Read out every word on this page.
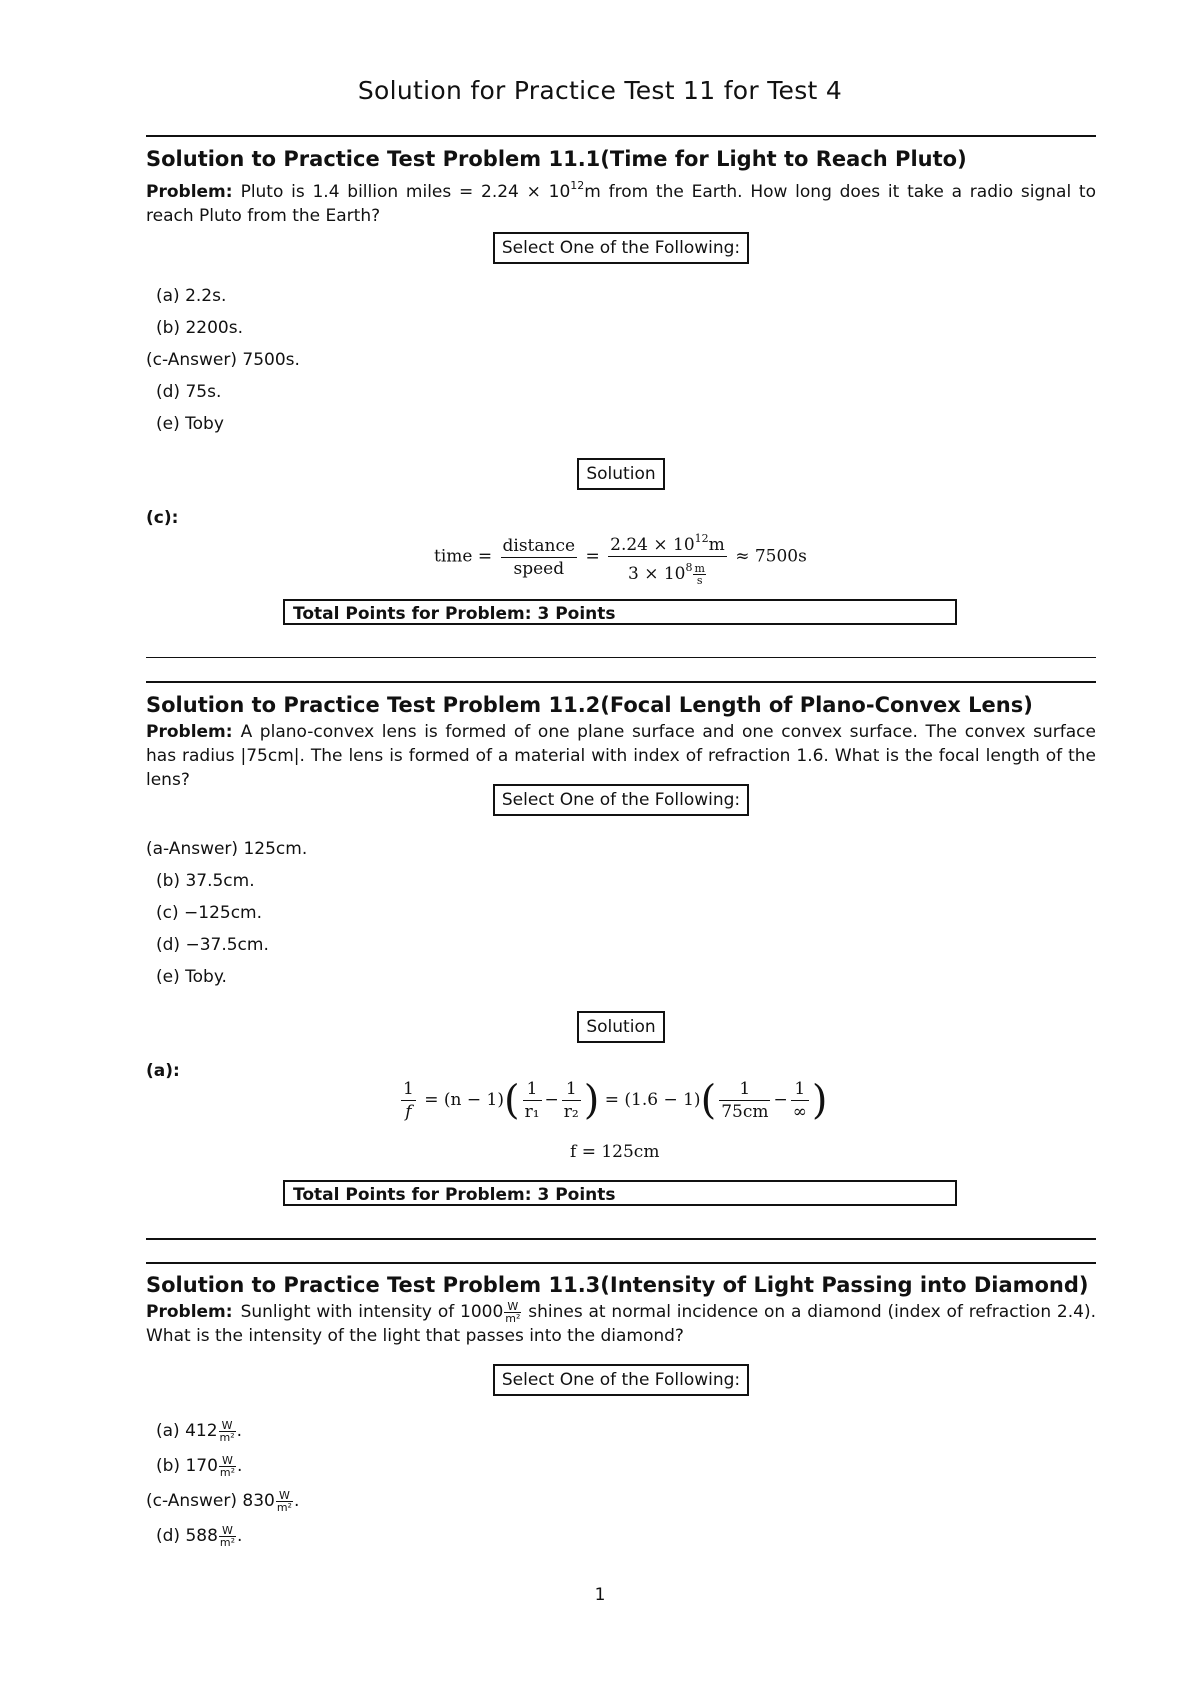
Solution for Practice Test 11 for Test 4

Solution to Practice Test Problem 11.1(Time for Light to Reach Pluto)

Problem: Pluto is 1.4 billion miles = $2.24 \times 10^{12}m$ from the Earth. How long does it take a radio signal to reach Pluto from the Earth?
Select One of the Following:
(a) 2.2s.
(b) 2200s.
(c-Answer) 7500s.
(d) 75s.
(e) Toby
Solution
(c):
time = $\frac{\text{distance}}{\text{speed}} = \frac{2.24 \times 10^{12}m}{3 \times 10^8 \frac{m}{s}} \approx 7500s$
Total Points for Problem: 3 Points

Solution to Practice Test Problem 11.2(Focal Length of Plano-Convex Lens)

Problem: A plano-convex lens is formed of one plane surface and one convex surface. The convex surface has radius |75cm|. The lens is formed of a material with index of refraction 1.6. What is the focal length of the lens?
Select One of the Following:
(a-Answer) 125cm.
(b) 37.5cm.
(c) −125cm.
(d) −37.5cm.
(e) Toby.
Solution
(a):
$\frac{1}{f} = (n - 1)( \frac{1}{\text{r₁}} - \frac{1}{\text{r₂}}$ ) = $(1.6 - 1)( \frac{1}{75cm} - \frac{1}{\infty}$ )
f = 125cm
Total Points for Problem: 3 Points

Solution to Practice Test Problem 11.3(Intensity of Light Passing into Diamond)

Problem: Sunlight with intensity of $1000 \frac{W}{\text{m²}}$ shines at normal incidence on a diamond (index of refraction 2.4). What is the intensity of the light that passes into the diamond?
Select One of the Following:
(a) $412 \frac{W}{\text{m²}}$ .
(b) $170 \frac{W}{\text{m²}}$ .
(c-Answer) $830 \frac{W}{\text{m²}}$ .
(d) $588 \frac{W}{\text{m²}}$ .
1
